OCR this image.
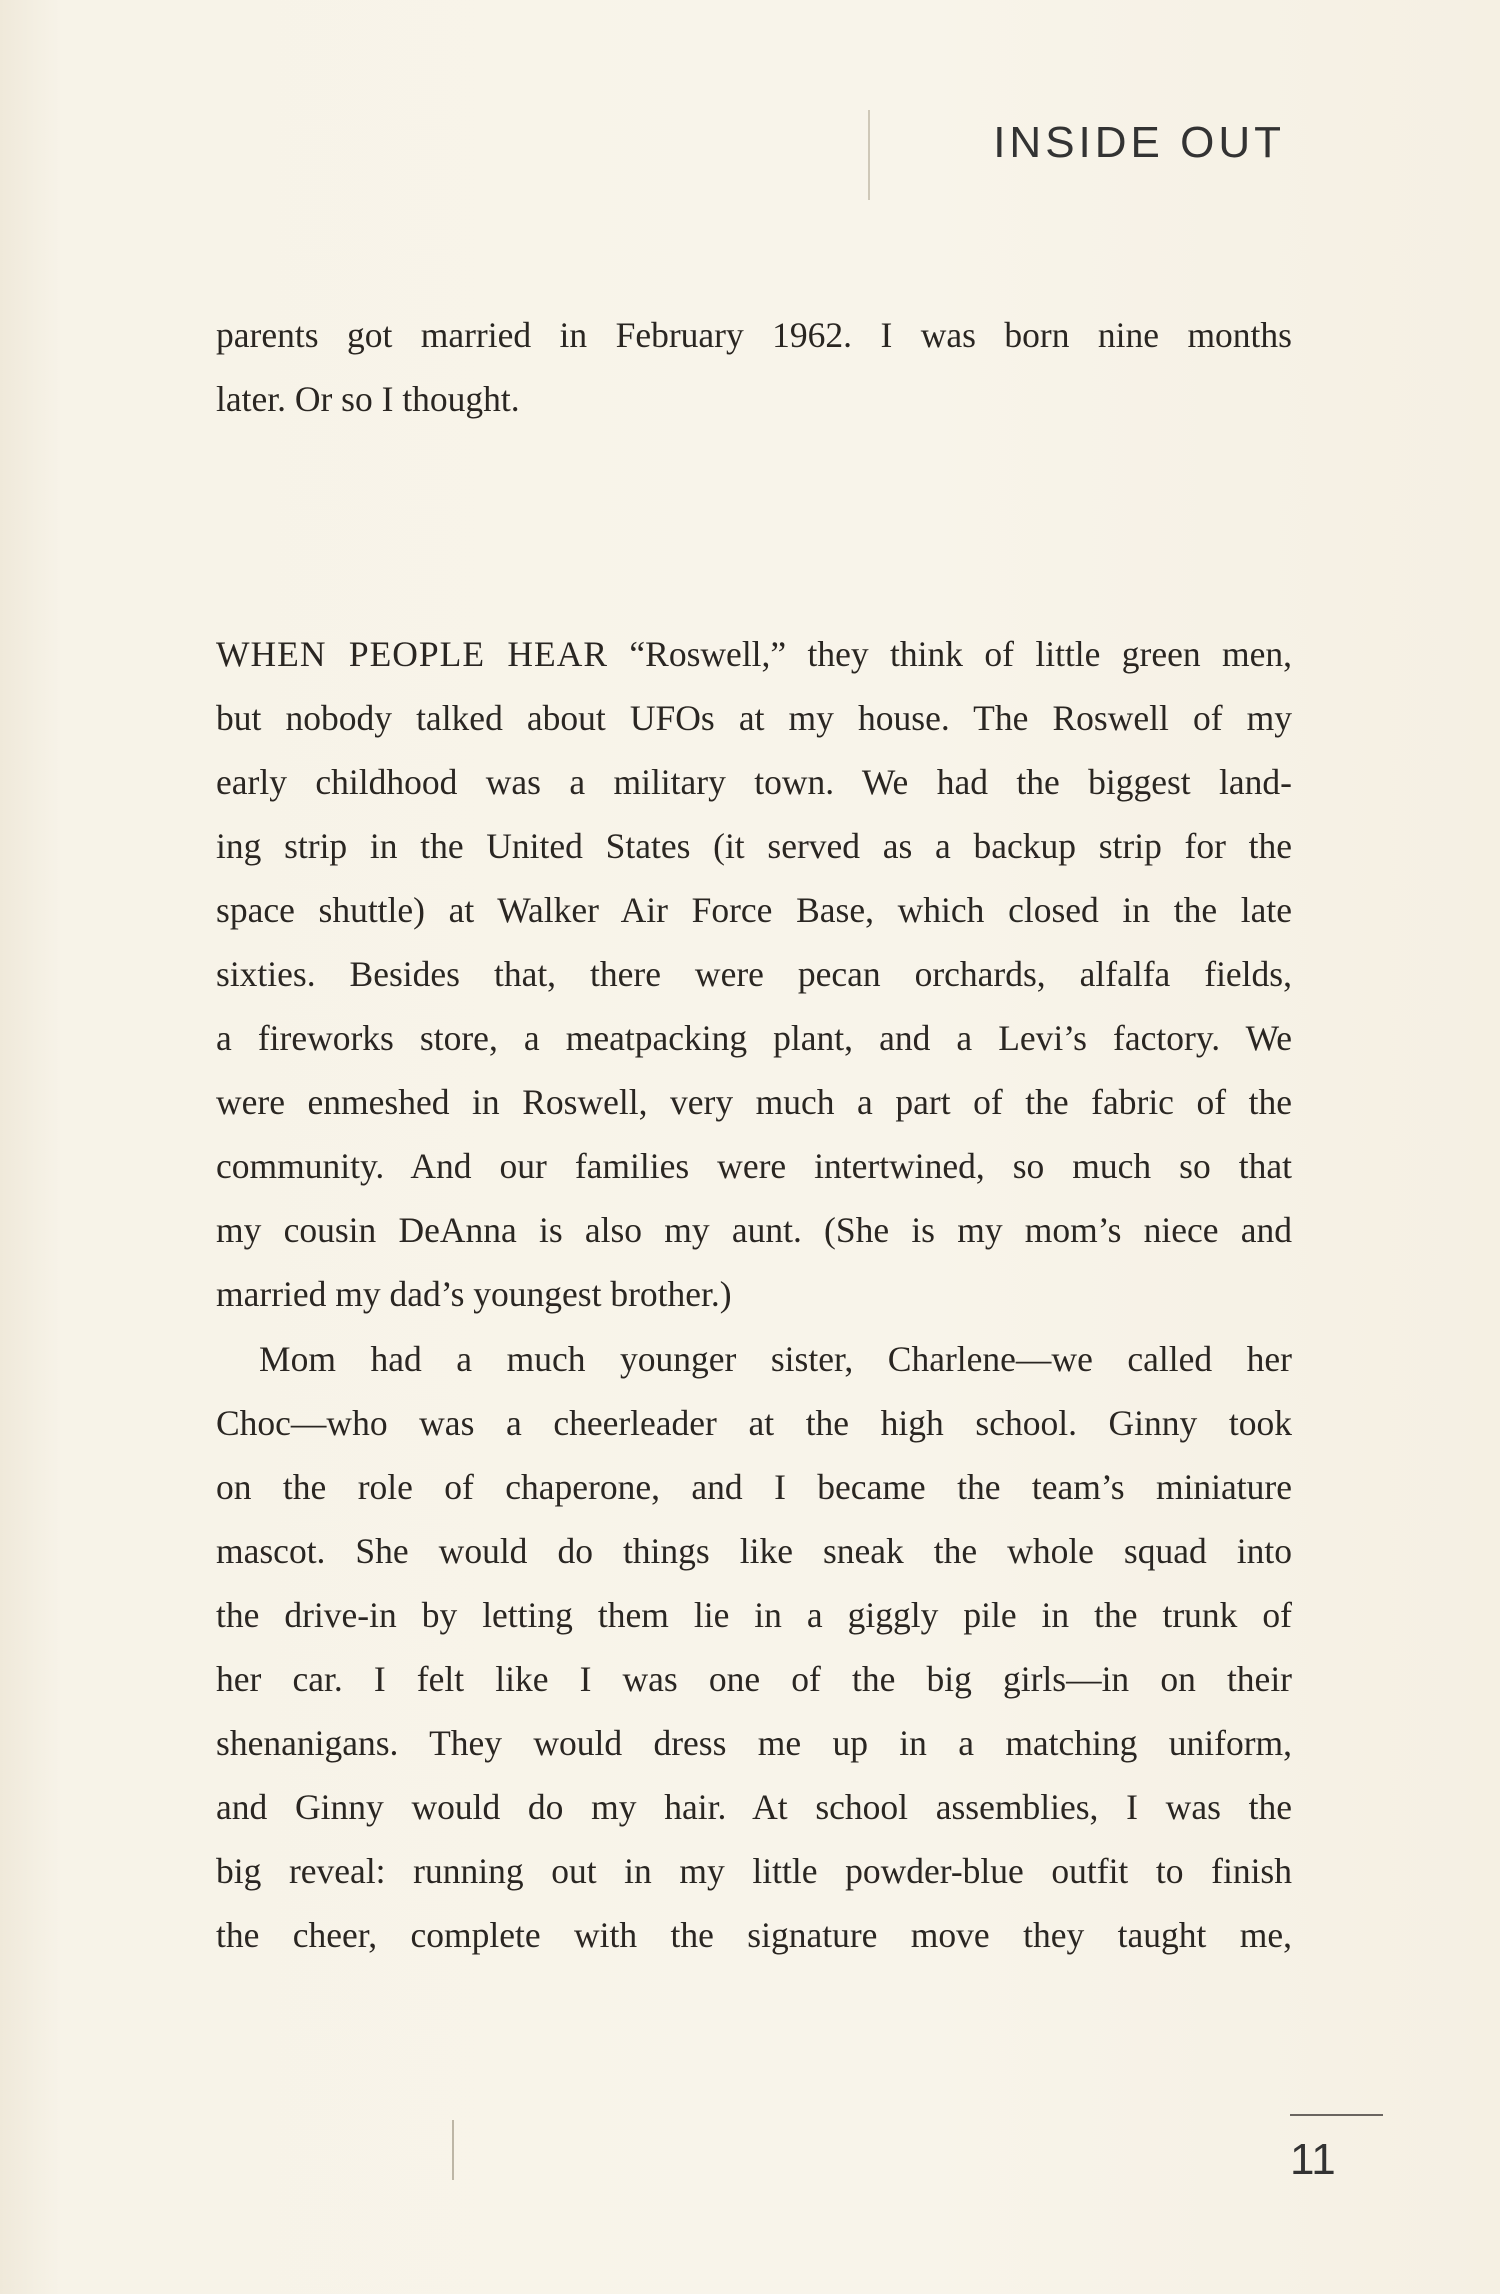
INSIDE OUT
parents got married in February 1962. I was born nine months
later. Or so I thought.
WHEN PEOPLE HEAR “Roswell,” they think of little green men,
but nobody talked about UFOs at my house. The Roswell of my
early childhood was a military town. We had the biggest land-
ing strip in the United States (it served as a backup strip for the
space shuttle) at Walker Air Force Base, which closed in the late
sixties. Besides that, there were pecan orchards, alfalfa fields,
a fireworks store, a meatpacking plant, and a Levi’s factory. We
were enmeshed in Roswell, very much a part of the fabric of the
community. And our families were intertwined, so much so that
my cousin DeAnna is also my aunt. (She is my mom’s niece and
married my dad’s youngest brother.)
Mom had a much younger sister, Charlene—we called her
Choc—who was a cheerleader at the high school. Ginny took
on the role of chaperone, and I became the team’s miniature
mascot. She would do things like sneak the whole squad into
the drive-in by letting them lie in a giggly pile in the trunk of
her car. I felt like I was one of the big girls—in on their
shenanigans. They would dress me up in a matching uniform,
and Ginny would do my hair. At school assemblies, I was the
big reveal: running out in my little powder-blue outfit to finish
the cheer, complete with the signature move they taught me,
11
